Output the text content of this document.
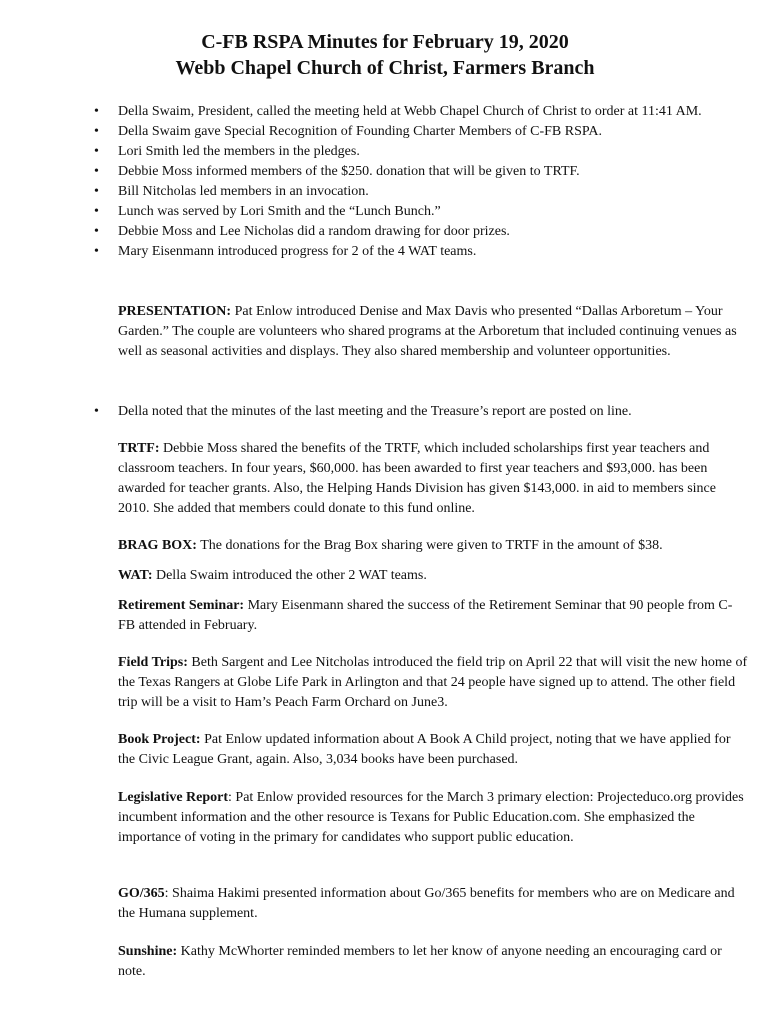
C-FB RSPA Minutes for February 19, 2020
Webb Chapel Church of Christ, Farmers Branch
• Della Swaim, President, called the meeting held at Webb Chapel Church of Christ to order at 11:41 AM.
• Della Swaim gave Special Recognition of Founding Charter Members of C-FB RSPA.
• Lori Smith led the members in the pledges.
• Debbie Moss informed members of the $250. donation that will be given to TRTF.
• Bill Nitcholas led members in an invocation.
• Lunch was served by Lori Smith and the “Lunch Bunch.”
• Debbie Moss and Lee Nicholas did a random drawing for door prizes.
• Mary Eisenmann introduced progress for 2 of the 4 WAT teams.

PRESENTATION: Pat Enlow introduced Denise and Max Davis who presented “Dallas Arboretum – Your Garden.” The couple are volunteers who shared programs at the Arboretum that included continuing venues as well as seasonal activities and displays. They also shared membership and volunteer opportunities.

• Della noted that the minutes of the last meeting and the Treasure’s report are posted on line.

TRTF: Debbie Moss shared the benefits of the TRTF, which included scholarships first year teachers and classroom teachers. In four years, $60,000. has been awarded to first year teachers and $93,000. has been awarded for teacher grants. Also, the Helping Hands Division has given $143,000. in aid to members since 2010. She added that members could donate to this fund online.

BRAG BOX: The donations for the Brag Box sharing were given to TRTF in the amount of $38.

WAT: Della Swaim introduced the other 2 WAT teams.

Retirement Seminar: Mary Eisenmann shared the success of the Retirement Seminar that 90 people from C-FB attended in February.

Field Trips: Beth Sargent and Lee Nitcholas introduced the field trip on April 22 that will visit the new home of the Texas Rangers at Globe Life Park in Arlington and that 24 people have signed up to attend. The other field trip will be a visit to Ham’s Peach Farm Orchard on June3.

Book Project: Pat Enlow updated information about A Book A Child project, noting that we have applied for the Civic League Grant, again. Also, 3,034 books have been purchased.

Legislative Report: Pat Enlow provided resources for the March 3 primary election: Projecteduco.org provides incumbent information and the other resource is Texans for Public Education.com. She emphasized the importance of voting in the primary for candidates who support public education.

GO/365: Shaima Hakimi presented information about Go/365 benefits for members who are on Medicare and the Humana supplement.

Sunshine: Kathy McWhorter reminded members to let her know of anyone needing an encouraging card or note.
